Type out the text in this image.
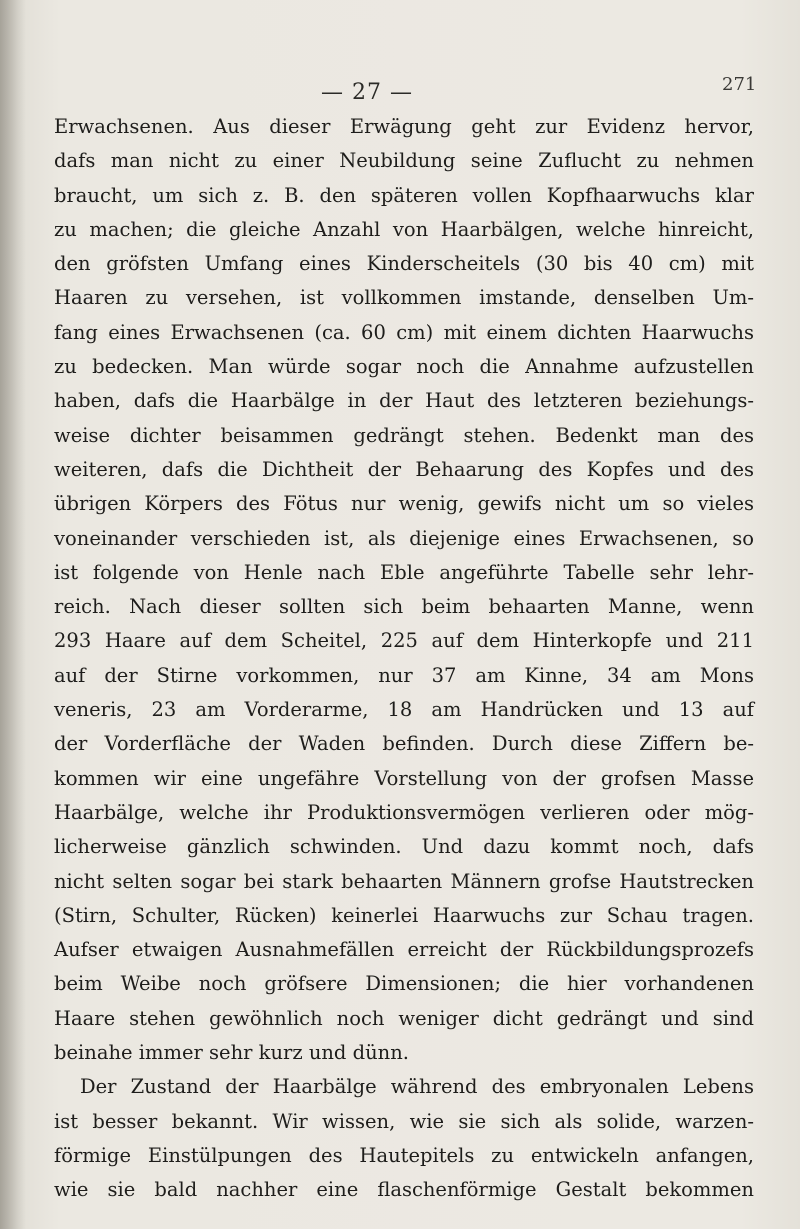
— 27 —	271
Erwachsenen. Aus dieser Erwägung geht zur Evidenz hervor,
dafs man nicht zu einer Neubildung seine Zuflucht zu nehmen
braucht, um sich z. B. den späteren vollen Kopfhaarwuchs klar
zu machen; die gleiche Anzahl von Haarbälgen, welche hinreicht,
den gröfsten Umfang eines Kinderscheitels (30 bis 40 cm) mit
Haaren zu versehen, ist vollkommen imstande, denselben Um-
fang eines Erwachsenen (ca. 60 cm) mit einem dichten Haarwuchs
zu bedecken. Man würde sogar noch die Annahme aufzustellen
haben, dafs die Haarbälge in der Haut des letzteren beziehungs-
weise dichter beisammen gedrängt stehen. Bedenkt man des
weiteren, dafs die Dichtheit der Behaarung des Kopfes und des
übrigen Körpers des Fötus nur wenig, gewifs nicht um so vieles
voneinander verschieden ist, als diejenige eines Erwachsenen, so
ist folgende von Henle nach Eble angeführte Tabelle sehr lehr-
reich. Nach dieser sollten sich beim behaarten Manne, wenn
293 Haare auf dem Scheitel, 225 auf dem Hinterkopfe und 211
auf der Stirne vorkommen, nur 37 am Kinne, 34 am Mons
veneris, 23 am Vorderarme, 18 am Handrücken und 13 auf
der Vorderfläche der Waden befinden. Durch diese Ziffern be-
kommen wir eine ungefähre Vorstellung von der grofsen Masse
Haarbälge, welche ihr Produktionsvermögen verlieren oder mög-
licherweise gänzlich schwinden. Und dazu kommt noch, dafs
nicht selten sogar bei stark behaarten Männern grofse Hautstrecken
(Stirn, Schulter, Rücken) keinerlei Haarwuchs zur Schau tragen.
Aufser etwaigen Ausnahmefällen erreicht der Rückbildungsprozefs
beim Weibe noch gröfsere Dimensionen; die hier vorhandenen
Haare stehen gewöhnlich noch weniger dicht gedrängt und sind
beinahe immer sehr kurz und dünn.
Der Zustand der Haarbälge während des embryonalen Lebens
ist besser bekannt. Wir wissen, wie sie sich als solide, warzen-
förmige Einstülpungen des Hautepitels zu entwickeln anfangen,
wie sie bald nachher eine flaschenförmige Gestalt bekommen
